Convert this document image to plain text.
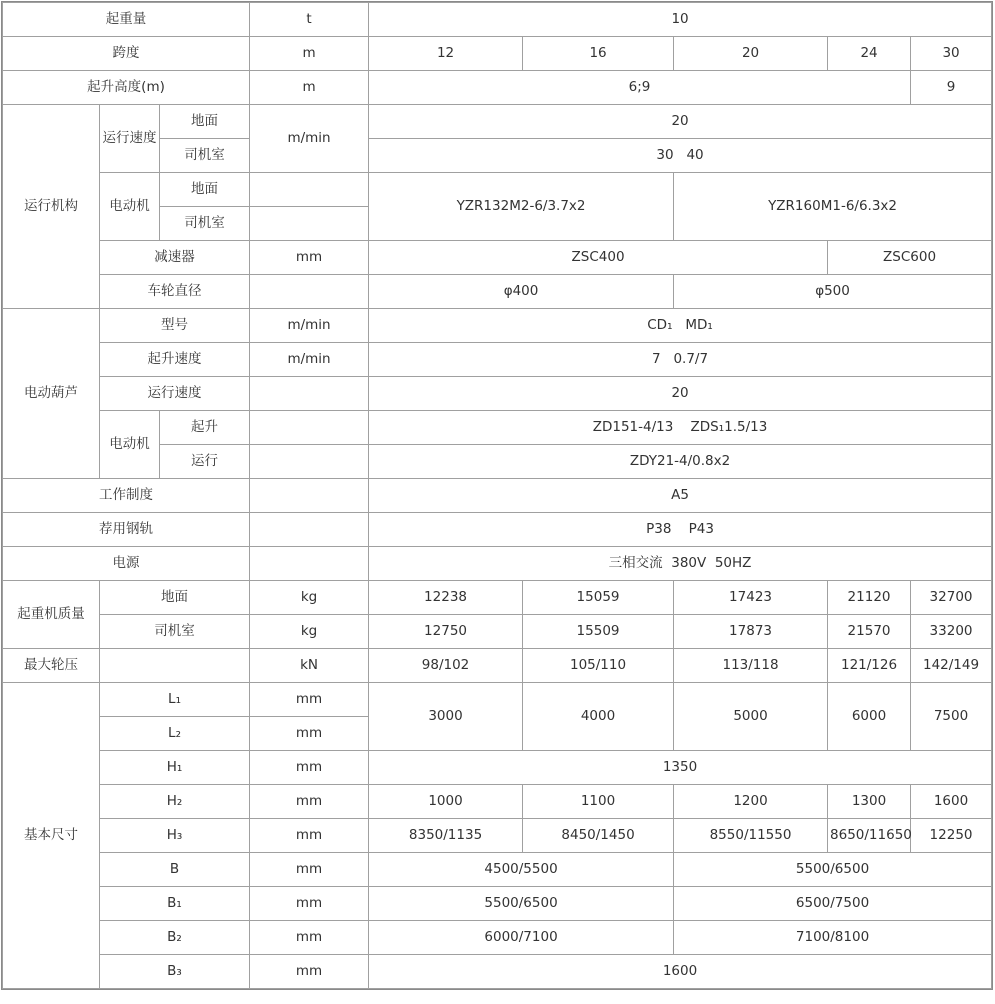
起重量			t	10				
跨度			m	12	16	20	24	30
起升高度(m)			m	6;9				9
运行机构	运行速度	地面	m/min	20				
		司机室		30   40				
	电动机	地面		YZR132M2-6/3.7x2		YZR160M1-6/6.3x2		
		司机室						
	减速器		mm	ZSC400			ZSC600	
	车轮直径			φ400		φ500		
电动葫芦	型号		m/min	CD₁   MD₁				
	起升速度		m/min	7   0.7/7				
	运行速度			20				
	电动机	起升		ZD151-4/13    ZDS₁1.5/13				
		运行		ZDY21-4/0.8x2				
工作制度				A5				
荐用钢轨				P38    P43				
电源				三相交流  380V  50HZ				
起重机质量	地面		kg	12238	15059	17423	21120	32700
	司机室		kg	12750	15509	17873	21570	33200
最大轮压			kN	98/102	105/110	113/118	121/126	142/149
基本尺寸	L₁		mm	3000	4000	5000	6000	7500
	L₂		mm					
	H₁		mm	1350				
	H₂		mm	1000	1100	1200	1300	1600
	H₃		mm	8350/1135	8450/1450	8550/11550	8650/11650	12250
	B		mm	4500/5500		5500/6500		
	B₁		mm	5500/6500		6500/7500		
	B₂		mm	6000/7100		7100/8100		
	B₃		mm	1600				
